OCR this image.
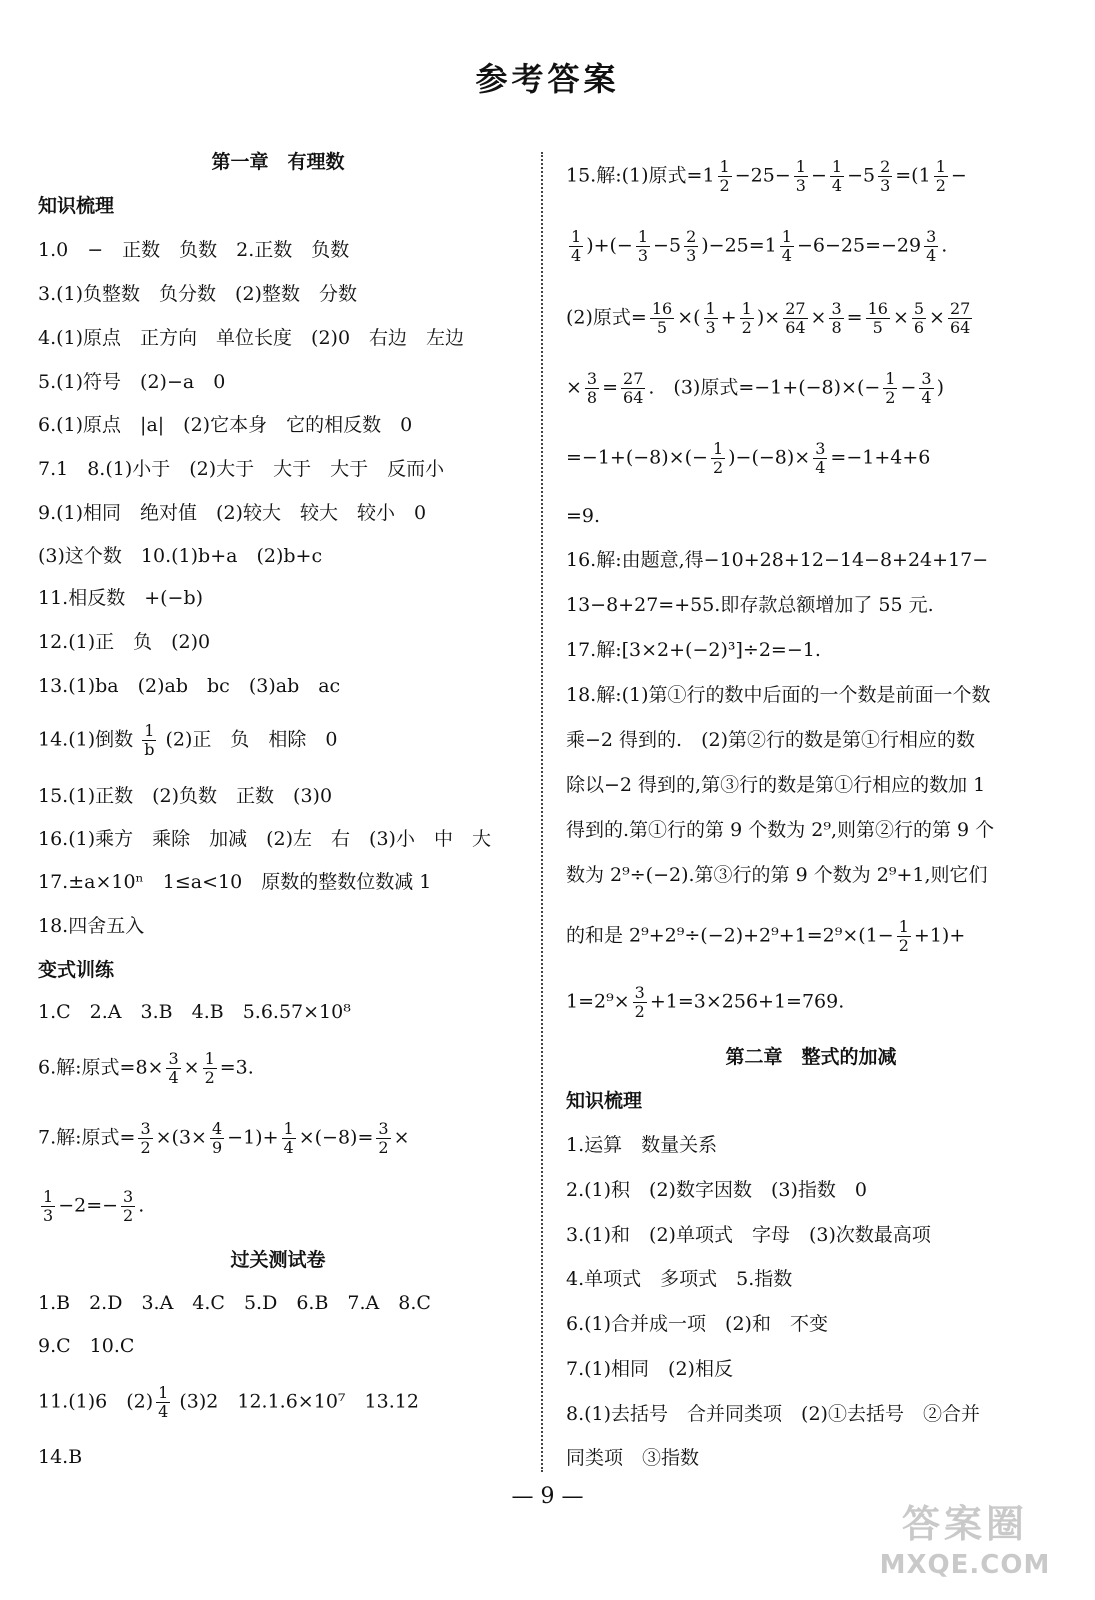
参考答案
第一章　有理数
知识梳理
1.0　−　正数　负数　2.正数　负数
3.(1)负整数　负分数　(2)整数　分数
4.(1)原点　正方向　单位长度　(2)0　右边　左边
5.(1)符号　(2)−a　0
6.(1)原点　|a|　(2)它本身　它的相反数　0
7.1　8.(1)小于　(2)大于　大于　大于　反而小
9.(1)相同　绝对值　(2)较大　较大　较小　0
(3)这个数　10.(1)b+a　(2)b+c
11.相反数　+(−b)
12.(1)正　负　(2)0
13.(1)ba　(2)ab　bc　(3)ab　ac
14.(1)倒数 $\frac{1}{b} (2)$正　负　相除　0
15.(1)正数　(2)负数　正数　(3)0
16.(1)乘方　乘除　加减　(2)左　右　(3)小　中　大
17.±a×10ⁿ　1≤a<10　原数的整数位数减 1
18.四舍五入
变式训练
1.C　2.A　3.B　4.B　5.6.57×10⁸
6.解:原式$=8\times \frac{3}{4} \times \frac{1}{2} =3$.
7.解:原式= $\frac{3}{2} \times(3\times \frac{4}{9} -1)+ \frac{1}{4} \times(-8)= \frac{3}{2}$ ×
$\frac{1}{3} -2=- \frac{3}{2}$ .
过关测试卷
1.B　2.D　3.A　4.C　5.D　6.B　7.A　8.C
9.C　10.C
11.(1)6　$(2) \frac{1}{4} (3)2$　12.1.6×10⁷　13.12
14.B
15.解:(1)原式$=1 \frac{1}{2} -25- \frac{1}{3} - \frac{1}{4} -5 \frac{2}{3} =(1 \frac{1}{2}$ −
$\frac{1}{4}$ )+(− $\frac{1}{3} -5 \frac{2}{3} )-25=1 \frac{1}{4} -6-25=-29 \frac{3}{4}$ .
(2)原式= $\frac{16}{5}$ ×( $\frac{1}{3} + \frac{1}{2}$ )× $\frac{27}{64} \times \frac{3}{8} = \frac{16}{5} \times \frac{5}{6} \times \frac{27}{64}$
× $\frac{3}{8} = \frac{27}{64}$ .　(3)原式$=-1+(-8)\times(- \frac{1}{2} - \frac{3}{4}$ )
$=-1+(-8)\times(- \frac{1}{2} )-(-8)\times \frac{3}{4} =-1+4+6$
=9.
16.解:由题意,得−10+28+12−14−8+24+17−
13−8+27=+55.即存款总额增加了 55 元.
17.解:[3×2+(−2)³]÷2=−1.
18.解:(1)第①行的数中后面的一个数是前面一个数
乘−2 得到的.　(2)第②行的数是第①行相应的数
除以−2 得到的,第③行的数是第①行相应的数加 1
得到的.第①行的第 9 个数为 2⁹,则第②行的第 9 个
数为 2⁹÷(−2).第③行的第 9 个数为 2⁹+1,则它们
的和是 $2^9+2^9\div(-2)+2^9+1=2^9\times(1- \frac{1}{2} +1)+$
$1=2^9\times \frac{3}{2} +1=3\times 256+1=769$.
第二章　整式的加减
知识梳理
1.运算　数量关系
2.(1)积　(2)数字因数　(3)指数　0
3.(1)和　(2)单项式　字母　(3)次数最高项
4.单项式　多项式　5.指数
6.(1)合并成一项　(2)和　不变
7.(1)相同　(2)相反
8.(1)去括号　合并同类项　(2)①去括号　②合并
同类项　③指数
— 9 —
答案圈
MXQE.COM
